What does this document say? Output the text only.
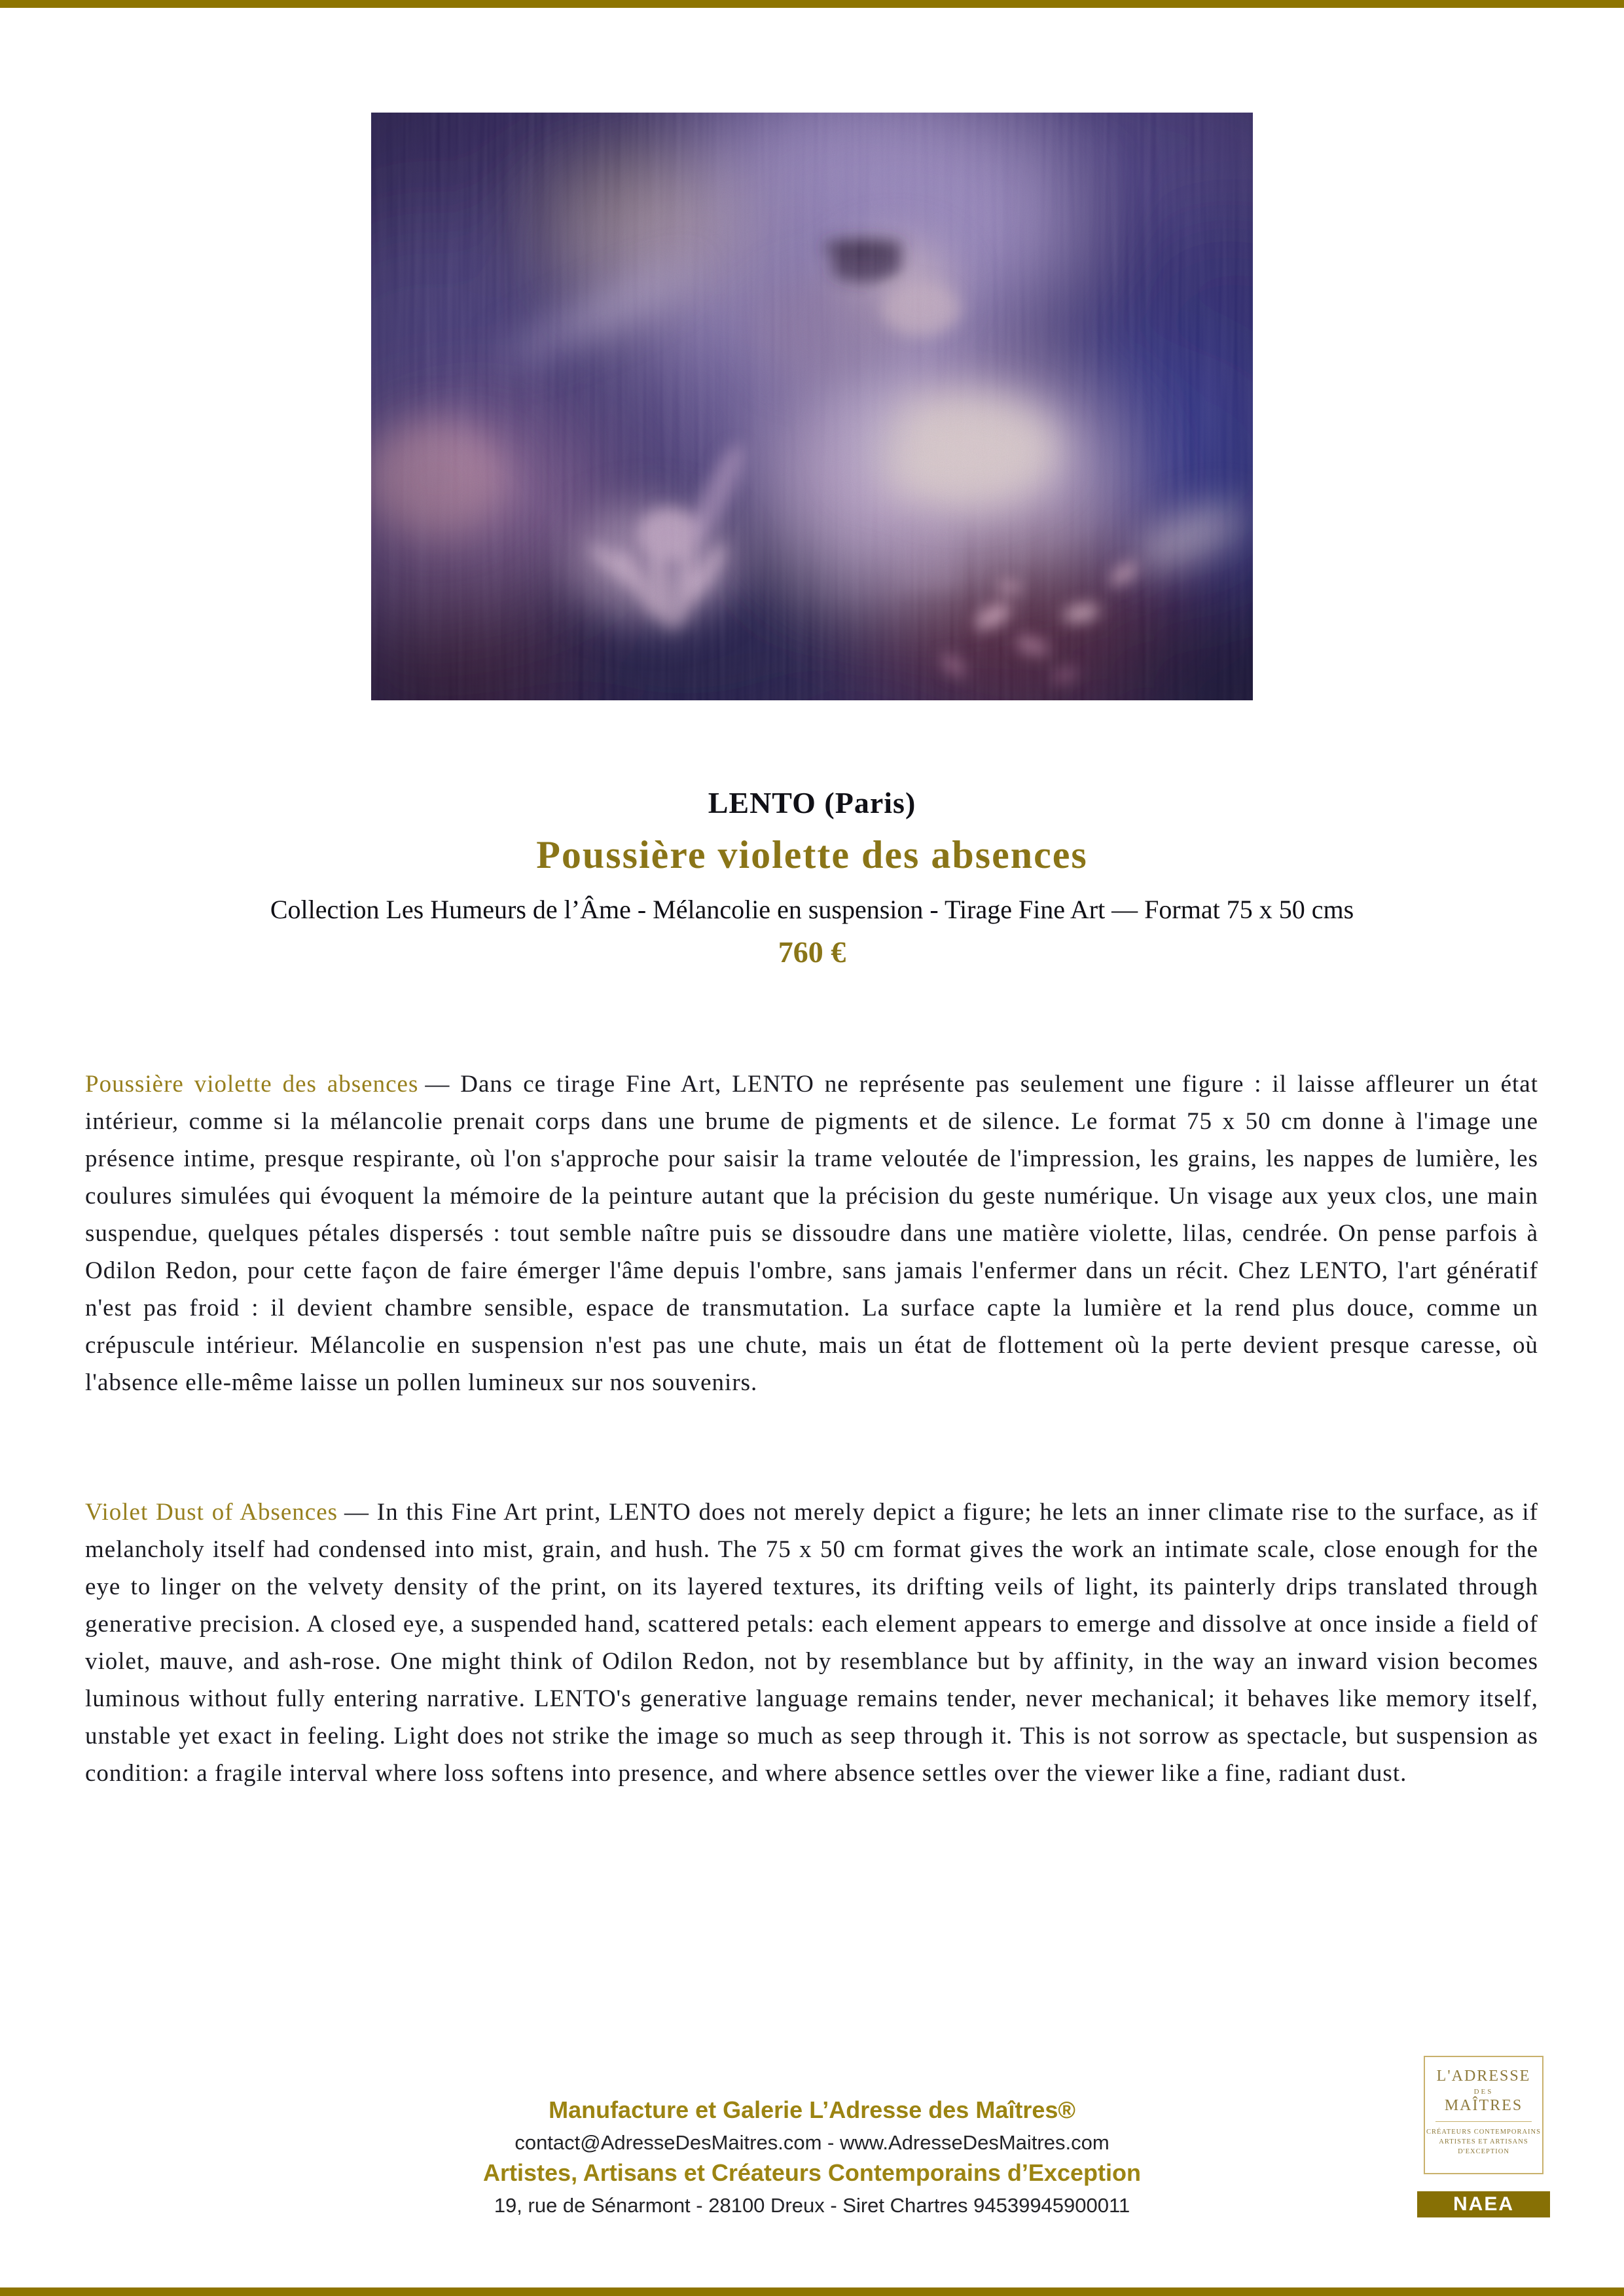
LENTO (Paris)
Poussière violette des absences
Collection Les Humeurs de l’Âme - Mélancolie en suspension - Tirage Fine Art — Format 75 x 50 cms
760 €

Poussière violette des absences — Dans ce tirage Fine Art, LENTO ne représente pas seulement une figure : il laisse affleurer un état intérieur, comme si la mélancolie prenait corps dans une brume de pigments et de silence. Le format 75 x 50 cm donne à l'image une présence intime, presque respirante, où l'on s'approche pour saisir la trame veloutée de l'impression, les grains, les nappes de lumière, les coulures simulées qui évoquent la mémoire de la peinture autant que la précision du geste numérique. Un visage aux yeux clos, une main suspendue, quelques pétales dispersés : tout semble naître puis se dissoudre dans une matière violette, lilas, cendrée. On pense parfois à Odilon Redon, pour cette façon de faire émerger l'âme depuis l'ombre, sans jamais l'enfermer dans un récit. Chez LENTO, l'art génératif n'est pas froid : il devient chambre sensible, espace de transmutation. La surface capte la lumière et la rend plus douce, comme un crépuscule intérieur. Mélancolie en suspension n'est pas une chute, mais un état de flottement où la perte devient presque caresse, où l'absence elle-même laisse un pollen lumineux sur nos souvenirs.

Violet Dust of Absences — In this Fine Art print, LENTO does not merely depict a figure; he lets an inner climate rise to the surface, as if melancholy itself had condensed into mist, grain, and hush. The 75 x 50 cm format gives the work an intimate scale, close enough for the eye to linger on the velvety density of the print, on its layered textures, its drifting veils of light, its painterly drips translated through generative precision. A closed eye, a suspended hand, scattered petals: each element appears to emerge and dissolve at once inside a field of violet, mauve, and ash-rose. One might think of Odilon Redon, not by resemblance but by affinity, in the way an inward vision becomes luminous without fully entering narrative. LENTO's generative language remains tender, never mechanical; it behaves like memory itself, unstable yet exact in feeling. Light does not strike the image so much as seep through it. This is not sorrow as spectacle, but suspension as condition: a fragile interval where loss softens into presence, and where absence settles over the viewer like a fine, radiant dust.

Manufacture et Galerie L’Adresse des Maîtres®
contact@AdresseDesMaitres.com - www.AdresseDesMaitres.com
Artistes, Artisans et Créateurs Contemporains d’Exception
19, rue de Sénarmont - 28100 Dreux - Siret Chartres 94539945900011
L'ADRESSE
DES
MAÎTRES
CRÉATEURS CONTEMPORAINS
ARTISTES ET ARTISANS
D'EXCEPTION
NAEA
